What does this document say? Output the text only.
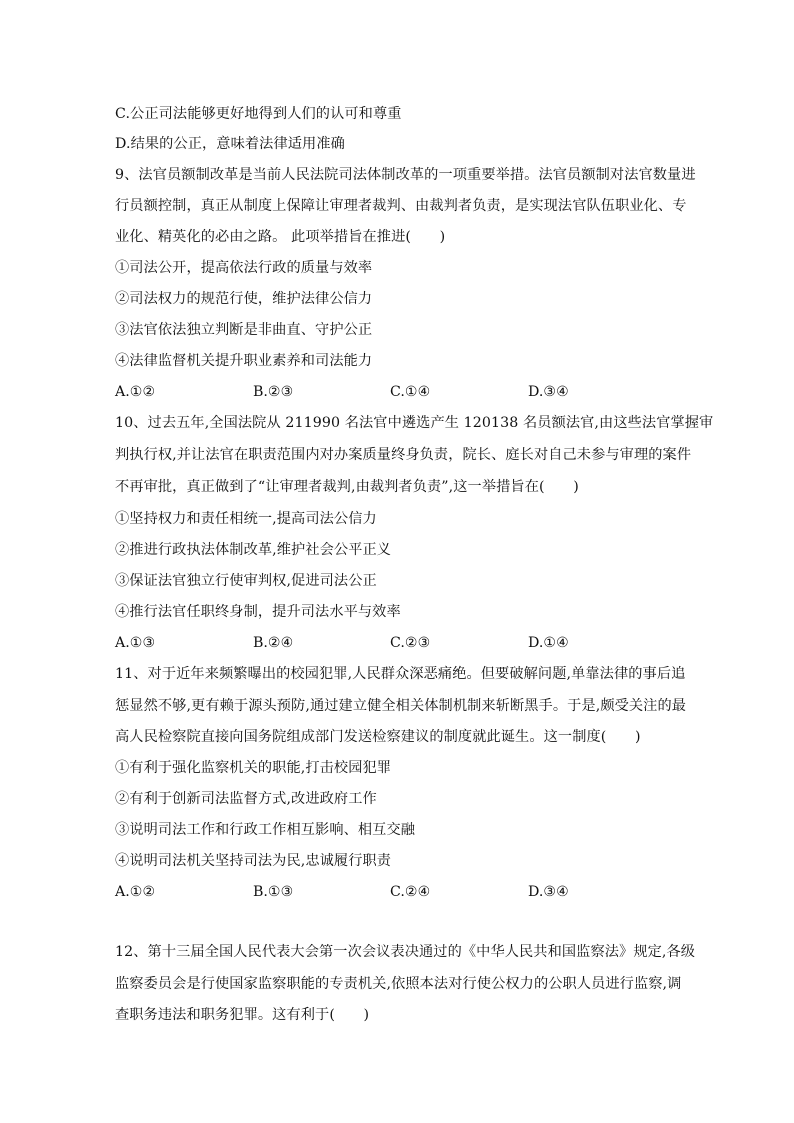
C.公正司法能够更好地得到人们的认可和尊重
D.结果的公正，意味着法律适用准确
9、法官员额制改革是当前人民法院司法体制改革的一项重要举措。法官员额制对法官数量进
行员额控制，真正从制度上保障让审理者裁判、由裁判者负责，是实现法官队伍职业化、专
业化、精英化的必由之路。 此项举措旨在推进(　　)
①司法公开，提高依法行政的质量与效率
②司法权力的规范行使，维护法律公信力
③法官依法独立判断是非曲直、守护公正
④法律监督机关提升职业素养和司法能力
A.①②	B.②③	C.①④	D.③④
10、过去五年,全国法院从 211990 名法官中遴选产生 120138 名员额法官,由这些法官掌握审
判执行权,并让法官在职责范围内对办案质量终身负责，院长、庭长对自己未参与审理的案件
不再审批，真正做到了“让审理者裁判,由裁判者负责”,这一举措旨在(　　)
①坚持权力和责任相统一,提高司法公信力
②推进行政执法体制改革,维护社会公平正义
③保证法官独立行使审判权,促进司法公正
④推行法官任职终身制，提升司法水平与效率
A.①③	B.②④	C.②③	D.①④
11、对于近年来频繁曝出的校园犯罪,人民群众深恶痛绝。但要破解问题,单靠法律的事后追
惩显然不够,更有赖于源头预防,通过建立健全相关体制机制来斩断黑手。于是,颇受关注的最
高人民检察院直接向国务院组成部门发送检察建议的制度就此诞生。这一制度(　　)
①有利于强化监察机关的职能,打击校园犯罪
②有利于创新司法监督方式,改进政府工作
③说明司法工作和行政工作相互影响、相互交融
④说明司法机关坚持司法为民,忠诚履行职责
A.①②	B.①③	C.②④	D.③④
12、第十三届全国人民代表大会第一次会议表决通过的《中华人民共和国监察法》规定,各级
监察委员会是行使国家监察职能的专责机关,依照本法对行使公权力的公职人员进行监察,调
查职务违法和职务犯罪。这有利于(　　)
